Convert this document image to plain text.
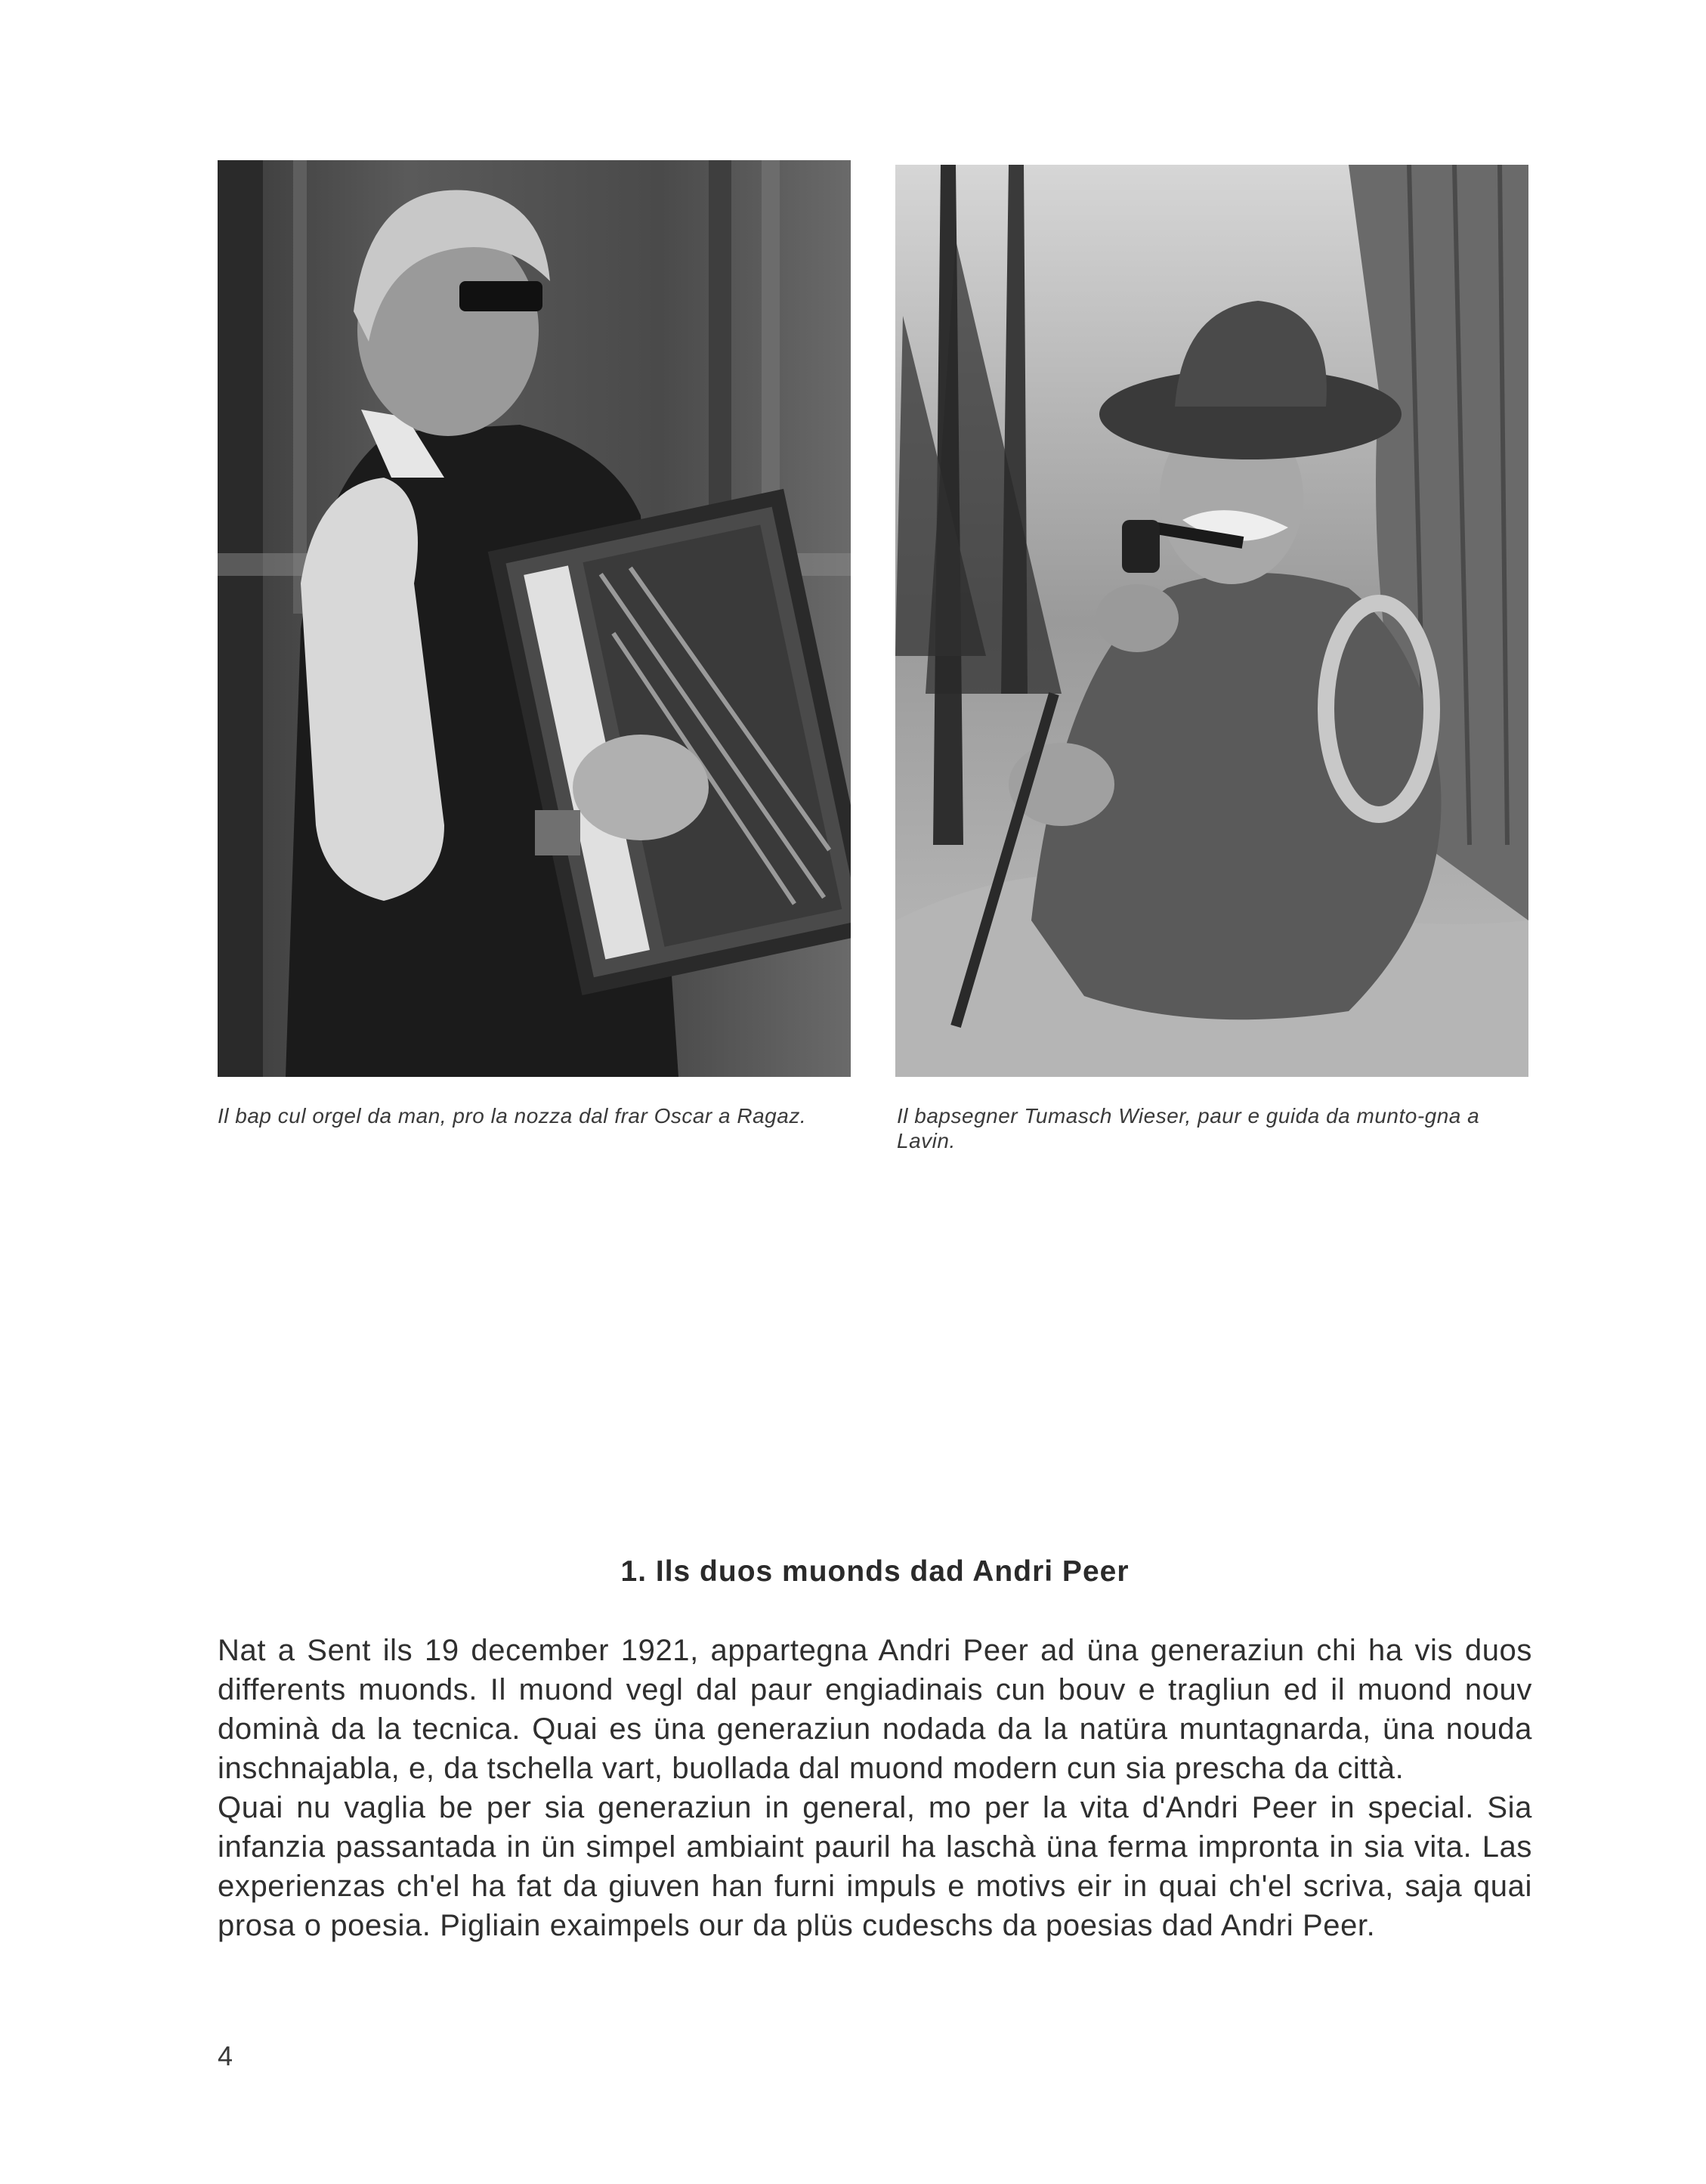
Il bap cul orgel da man, pro la nozza dal frar Oscar a Ragaz.	Il bapsegner Tumasch Wieser, paur e guida da munto-gna a Lavin.
1. Ils duos muonds dad Andri Peer

Nat a Sent ils 19 december 1921, appartegna Andri Peer ad üna generaziun chi ha vis duos differents muonds. Il muond vegl dal paur engiadinais cun bouv e tragliun ed il muond nouv dominà da la tecnica. Quai es üna generaziun nodada da la natüra muntagnarda, üna nouda inschnajabla, e, da tschella vart, buollada dal muond modern cun sia prescha da città.

Quai nu vaglia be per sia generaziun in general, mo per la vita d'Andri Peer in special. Sia infanzia passantada in ün simpel ambiaint pauril ha laschà üna ferma impronta in sia vita. Las experienzas ch'el ha fat da giuven han furni impuls e motivs eir in quai ch'el scriva, saja quai prosa o poesia. Pigliain exaimpels our da plüs cudeschs da poesias dad Andri Peer.

4
